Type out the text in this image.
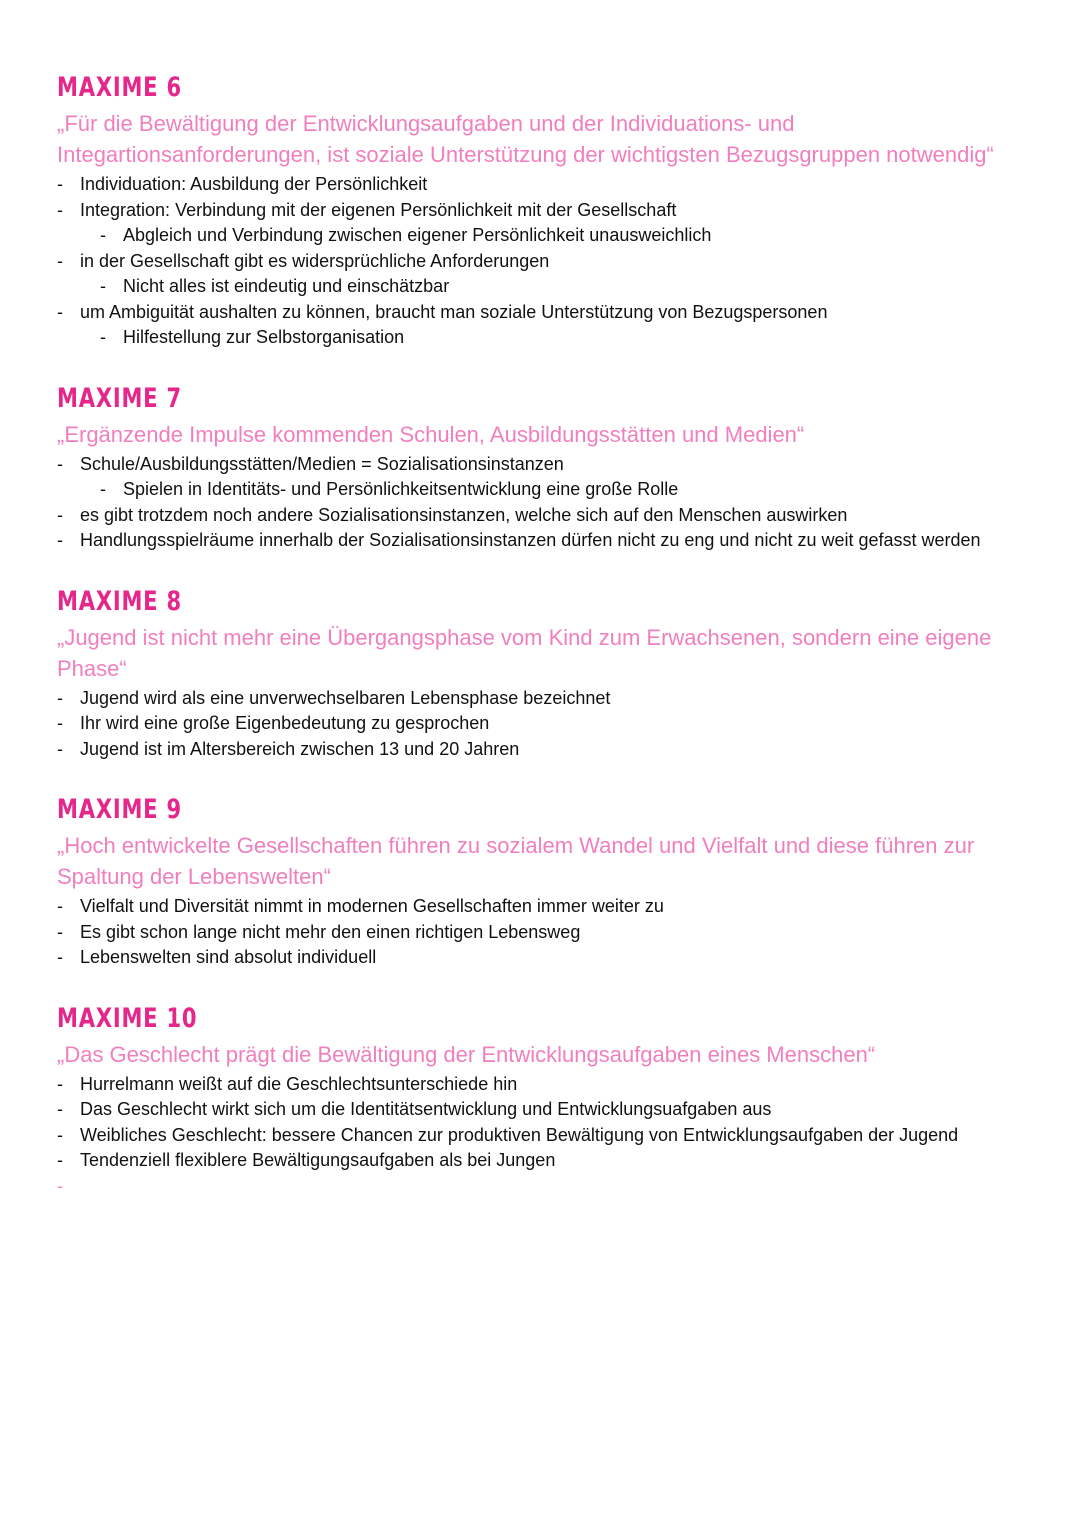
MAXIME 6

„Für die Bewältigung der Entwicklungsaufgaben und der Individuations- und Integartionsanforderungen, ist soziale Unterstützung der wichtigsten Bezugsgruppen notwendig“

- Individuation: Ausbildung der Persönlichkeit
- Integration: Verbindung mit der eigenen Persönlichkeit mit der Gesellschaft
- Abgleich und Verbindung zwischen eigener Persönlichkeit unausweichlich
- in der Gesellschaft gibt es widersprüchliche Anforderungen
- Nicht alles ist eindeutig und einschätzbar
- um Ambiguität aushalten zu können, braucht man soziale Unterstützung von Bezugspersonen
- Hilfestellung zur Selbstorganisation
MAXIME 7

„Ergänzende Impulse kommenden Schulen, Ausbildungsstätten und Medien“

- Schule/Ausbildungsstätten/Medien = Sozialisationsinstanzen
- Spielen in Identitäts- und Persönlichkeitsentwicklung eine große Rolle
- es gibt trotzdem noch andere Sozialisationsinstanzen, welche sich auf den Menschen auswirken
- Handlungsspielräume innerhalb der Sozialisationsinstanzen dürfen nicht zu eng und nicht zu weit gefasst werden
MAXIME 8

„Jugend ist nicht mehr eine Übergangsphase vom Kind zum Erwachsenen, sondern eine eigene Phase“

- Jugend wird als eine unverwechselbaren Lebensphase bezeichnet
- Ihr wird eine große Eigenbedeutung zu gesprochen
- Jugend ist im Altersbereich zwischen 13 und 20 Jahren
MAXIME 9

„Hoch entwickelte Gesellschaften führen zu sozialem Wandel und Vielfalt und diese führen zur Spaltung der Lebenswelten“

- Vielfalt und Diversität nimmt in modernen Gesellschaften immer weiter zu
- Es gibt schon lange nicht mehr den einen richtigen Lebensweg
- Lebenswelten sind absolut individuell
MAXIME 10

„Das Geschlecht prägt die Bewältigung der Entwicklungsaufgaben eines Menschen“

- Hurrelmann weißt auf die Geschlechtsunterschiede hin
- Das Geschlecht wirkt sich um die Identitätsentwicklung und Entwicklungsuafgaben aus
- Weibliches Geschlecht: bessere Chancen zur produktiven Bewältigung von Entwicklungsaufgaben der Jugend
- Tendenziell flexiblere Bewältigungsaufgaben als bei Jungen
-
